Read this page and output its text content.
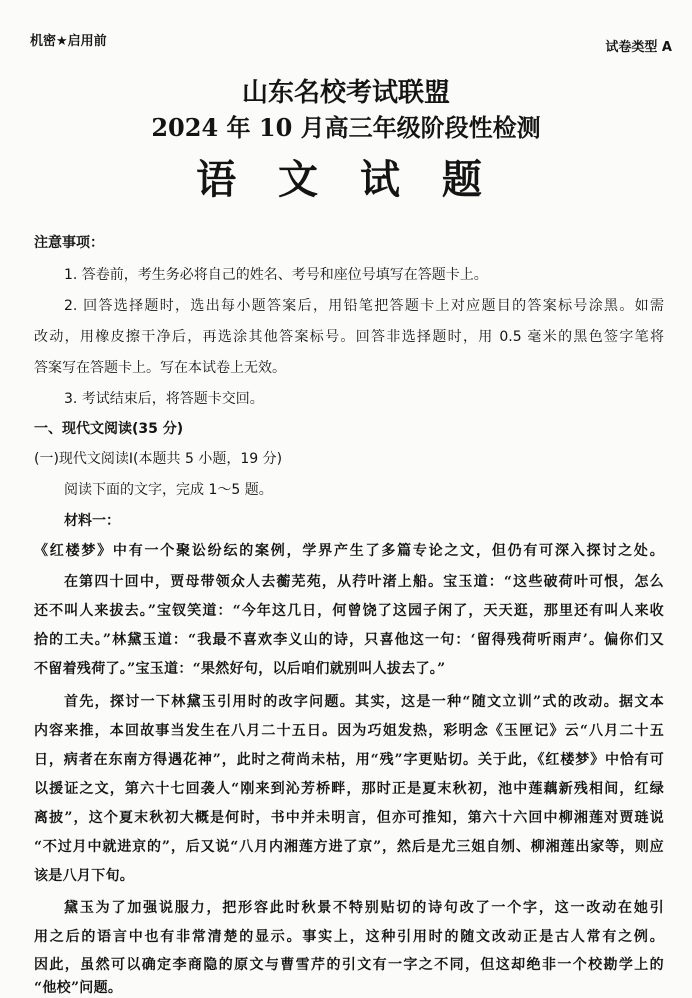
机密★启用前	试卷类型 A
山东名校考试联盟
2024 年 10 月高三年级阶段性检测
语 文 试 题
注意事项：
1. 答卷前，考生务必将自己的姓名、考号和座位号填写在答题卡上。
2. 回答选择题时，选出每小题答案后，用铅笔把答题卡上对应题目的答案标号涂黑。如需
改动，用橡皮擦干净后，再选涂其他答案标号。回答非选择题时，用 0.5 毫米的黑色签字笔将
答案写在答题卡上。写在本试卷上无效。
3. 考试结束后，将答题卡交回。
一、现代文阅读(35 分)
(一)现代文阅读Ⅰ(本题共 5 小题，19 分)
阅读下面的文字，完成 1～5 题。
材料一：
《红楼梦》中有一个聚讼纷纭的案例，学界产生了多篇专论之文，但仍有可深入探讨之处。
在第四十回中，贾母带领众人去蘅芜苑，从荇叶渚上船。宝玉道：“这些破荷叶可恨，怎么
还不叫人来拔去。”宝钗笑道：“今年这几日，何曾饶了这园子闲了，天天逛，那里还有叫人来收
拾的工夫。”林黛玉道：“我最不喜欢李义山的诗，只喜他这一句：‘留得残荷听雨声’。偏你们又
不留着残荷了。”宝玉道：“果然好句，以后咱们就别叫人拔去了。”
首先，探讨一下林黛玉引用时的改字问题。其实，这是一种“随文立训”式的改动。据文本
内容来推，本回故事当发生在八月二十五日。因为巧姐发热，彩明念《玉匣记》云“八月二十五
日，病者在东南方得遇花神”，此时之荷尚未枯，用“残”字更贴切。关于此，《红楼梦》中恰有可
以援证之文，第六十七回袭人“刚来到沁芳桥畔，那时正是夏末秋初，池中莲藕新残相间，红绿
离披”，这个夏末秋初大概是何时，书中并未明言，但亦可推知，第六十六回中柳湘莲对贾琏说
“不过月中就进京的”，后又说“八月内湘莲方进了京”，然后是尤三姐自刎、柳湘莲出家等，则应
该是八月下旬。
黛玉为了加强说服力，把形容此时秋景不特别贴切的诗句改了一个字，这一改动在她引
用之后的语言中也有非常清楚的显示。事实上，这种引用时的随文改动正是古人常有之例。
因此，虽然可以确定李商隐的原文与曹雪芹的引文有一字之不同，但这却绝非一个校勘学上的
“他校”问题。
